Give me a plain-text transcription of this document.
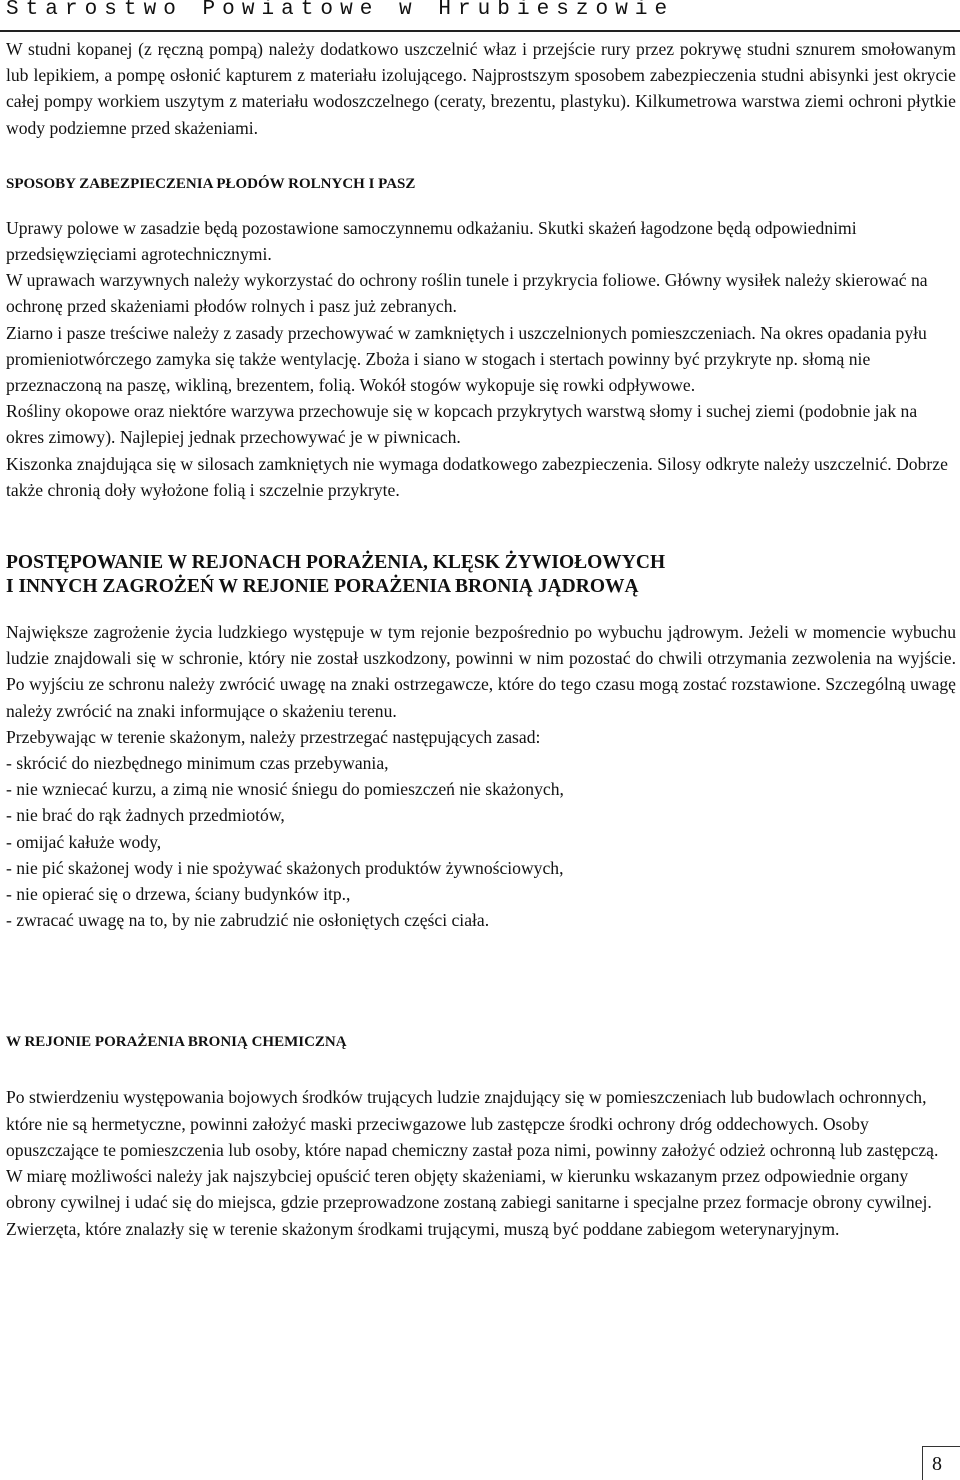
Starostwo Powiatowe w Hrubieszowie

W studni kopanej (z ręczną pompą) należy dodatkowo uszczelnić właz i przejście rury przez pokrywę studni sznurem smołowanym lub lepikiem, a pompę osłonić kapturem z materiału izolującego. Najprostszym sposobem zabezpieczenia studni abisynki jest okrycie całej pompy workiem uszytym z materiału wodoszczelnego (ceraty, brezentu, plastyku). Kilkumetrowa warstwa ziemi ochroni płytkie wody podziemne przed skażeniami.

SPOSOBY ZABEZPIECZENIA PŁODÓW ROLNYCH I PASZ

Uprawy polowe w zasadzie będą pozostawione samoczynnemu odkażaniu. Skutki skażeń łagodzone będą odpowiednimi przedsięwzięciami agrotechnicznymi.

W uprawach warzywnych należy wykorzystać do ochrony roślin tunele i przykrycia foliowe. Główny wysiłek należy skierować na ochronę przed skażeniami płodów rolnych i pasz już zebranych.

Ziarno i pasze treściwe należy z zasady przechowywać w zamkniętych i uszczelnionych pomieszczeniach. Na okres opadania pyłu promieniotwórczego zamyka się także wentylację. Zboża i siano w stogach i stertach powinny być przykryte np. słomą nie przeznaczoną na paszę, wikliną, brezentem, folią. Wokół stogów wykopuje się rowki odpływowe.

Rośliny okopowe oraz niektóre warzywa przechowuje się w kopcach przykrytych warstwą słomy i suchej ziemi (podobnie jak na okres zimowy). Najlepiej jednak przechowywać je w piwnicach.

Kiszonka znajdująca się w silosach zamkniętych nie wymaga dodatkowego zabezpieczenia. Silosy odkryte należy uszczelnić. Dobrze także chronią doły wyłożone folią i szczelnie przykryte.

POSTĘPOWANIE W REJONACH PORAŻENIA, KLĘSK ŻYWIOŁOWYCH

I INNYCH ZAGROŻEŃ W REJONIE PORAŻENIA BRONIĄ JĄDROWĄ

Największe zagrożenie życia ludzkiego występuje w tym rejonie bezpośrednio po wybuchu jądrowym. Jeżeli w momencie wybuchu ludzie znajdowali się w schronie, który nie został uszkodzony, powinni w nim pozostać do chwili otrzymania zezwolenia na wyjście. Po wyjściu ze schronu należy zwrócić uwagę na znaki ostrzegawcze, które do tego czasu mogą zostać rozstawione. Szczególną uwagę należy zwrócić na znaki informujące o skażeniu terenu.

Przebywając w terenie skażonym, należy przestrzegać następujących zasad:

- skrócić do niezbędnego minimum czas przebywania,

- nie wzniecać kurzu, a zimą nie wnosić śniegu do pomieszczeń nie skażonych,

- nie brać do rąk żadnych przedmiotów,

- omijać kałuże wody,

- nie pić skażonej wody i nie spożywać skażonych produktów żywnościowych,

- nie opierać się o drzewa, ściany budynków itp.,

- zwracać uwagę na to, by nie zabrudzić nie osłoniętych części ciała.

W REJONIE PORAŻENIA BRONIĄ CHEMICZNĄ

Po stwierdzeniu występowania bojowych środków trujących ludzie znajdujący się w pomieszczeniach lub budowlach ochronnych, które nie są hermetyczne, powinni założyć maski przeciwgazowe lub zastępcze środki ochrony dróg oddechowych. Osoby opuszczające te pomieszczenia lub osoby, które napad chemiczny zastał poza nimi, powinny założyć odzież ochronną lub zastępczą. W miarę możliwości należy jak najszybciej opuścić teren objęty skażeniami, w kierunku wskazanym przez odpowiednie organy obrony cywilnej i udać się do miejsca, gdzie przeprowadzone zostaną zabiegi sanitarne i specjalne przez formacje obrony cywilnej. Zwierzęta, które znalazły się w terenie skażonym środkami trującymi, muszą być poddane zabiegom weterynaryjnym.

8
